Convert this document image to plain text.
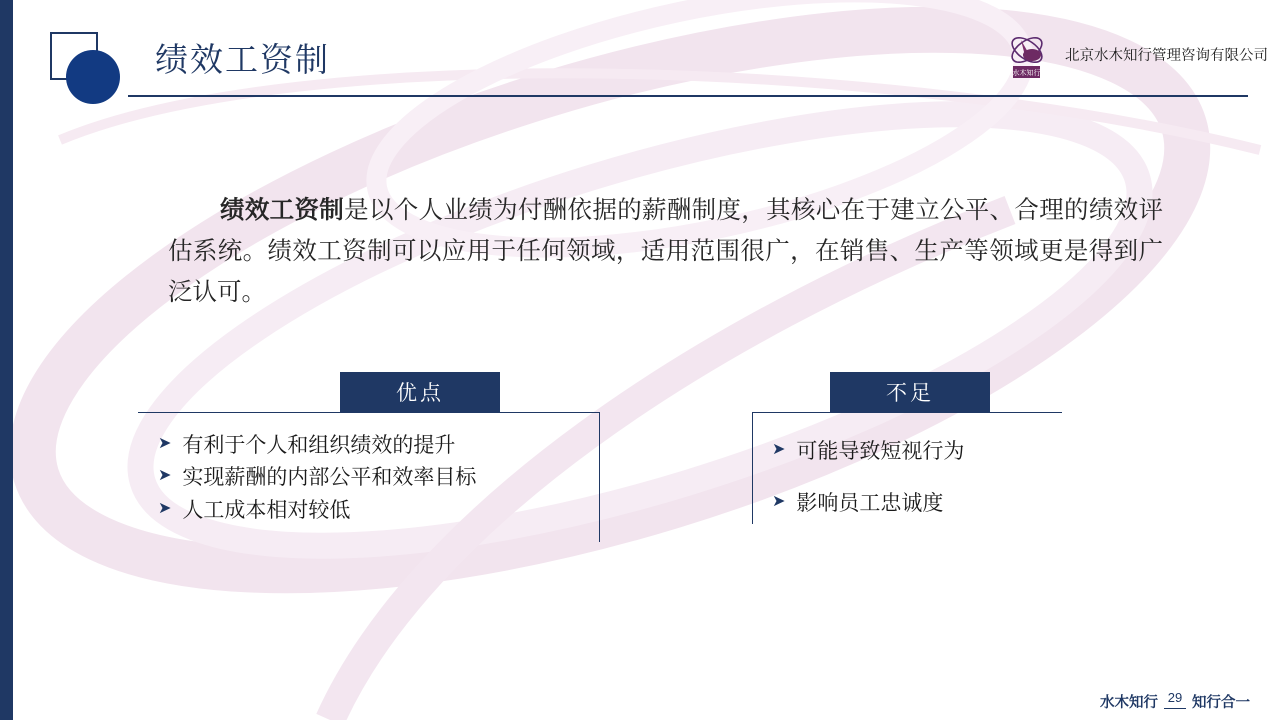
绩效工资制	水木知行
北京水木知行管理咨询有限公司
绩效工资制是以个人业绩为付酬依据的薪酬制度，其核心在于建立公平、合理的绩效评估系统。绩效工资制可以应用于任何领域，适用范围很广，在销售、生产等领域更是得到广泛认可。
优点
➤ 有利于个人和组织绩效的提升
➤ 实现薪酬的内部公平和效率目标
➤ 人工成本相对较低
不足
➤ 可能导致短视行为
➤ 影响员工忠诚度
水木知行 29 知行合一
